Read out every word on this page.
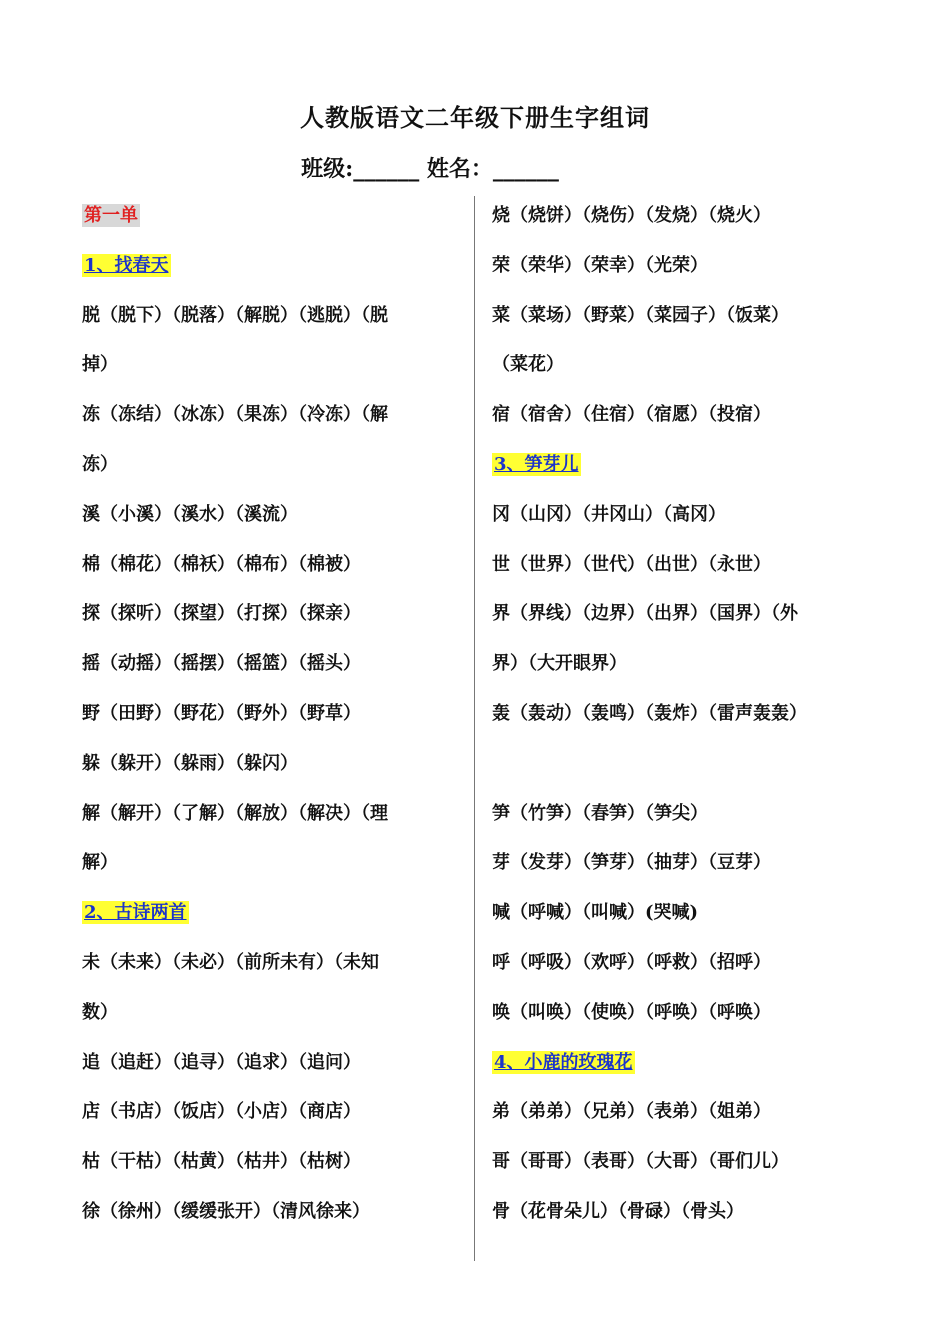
人教版语文二年级下册生字组词
班级:______ 姓名：______
第一单
1、找春天
脱（脱下）（脱落）（解脱）（逃脱）（脱
掉）
冻（冻结）（冰冻）（果冻）（冷冻）（解
冻）
溪（小溪）（溪水）（溪流）
棉（棉花）（棉袄）（棉布）（棉被）
探（探听）（探望）（打探）（探亲）
摇（动摇）（摇摆）（摇篮）（摇头）
野（田野）（野花）（野外）（野草）
躲（躲开）（躲雨）（躲闪）
解（解开）（了解）（解放）（解决）（理
解）
2、古诗两首
未（未来）（未必）（前所未有）（未知
数）
追（追赶）（追寻）（追求）（追问）
店（书店）（饭店）（小店）（商店）
枯（干枯）（枯黄）（枯井）（枯树）
徐（徐州）（缓缓张开）（清风徐来）
烧（烧饼）（烧伤）（发烧）（烧火）
荣（荣华）（荣幸）（光荣）
菜（菜场）（野菜）（菜园子）（饭菜）
（菜花）
宿（宿舍）（住宿）（宿愿）（投宿）
3、笋芽儿
冈（山冈）（井冈山）（高冈）
世（世界）（世代）（出世）（永世）
界（界线）（边界）（出界）（国界）（外
界）（大开眼界）
轰（轰动）（轰鸣）（轰炸）（雷声轰轰）
笋（竹笋）（春笋）（笋尖）
芽（发芽）（笋芽）（抽芽）（豆芽）
喊（呼喊）（叫喊）(哭喊)
呼（呼吸）（欢呼）（呼救）（招呼）
唤（叫唤）（使唤）（呼唤）（呼唤）
4、小鹿的玫瑰花
弟（弟弟）（兄弟）（表弟）（姐弟）
哥（哥哥）（表哥）（大哥）（哥们儿）
骨（花骨朵儿）（骨碌）（骨头）
